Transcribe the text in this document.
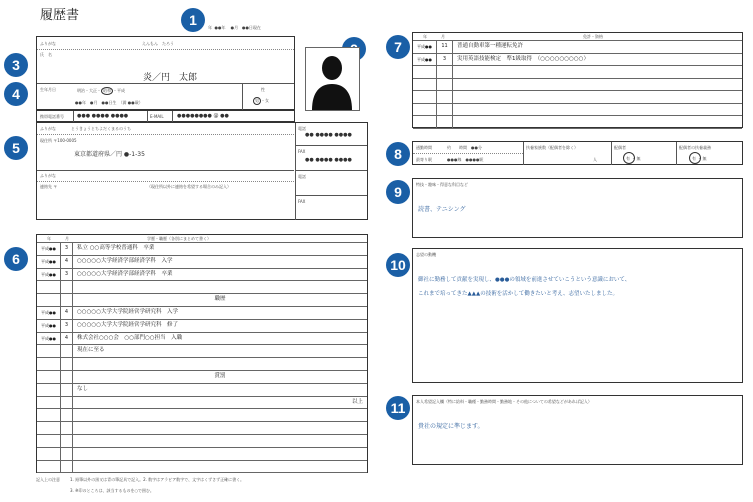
履歴書	1	年 ●●年 ●月 ●●日現在
ふりがな	えんもん　たろう
氏　名
炎／円　太郎
生年月日	明治・大正・ 昭和 ・平成
●●年　●月　●●日生　（満 ●●歳）
性
男 ・女
携帯電話番号	●●● ●●●● ●●●●	E-MAIL	●●●●●●●● @ ●●
3
4
5
ふりがな	とうきょうとちよだくまるのうち
現住所 〒100-0005
東京都道府県／円 ●-1-35
ふりがな
連絡先 〒	（現住所以外に連絡を希望する場合のみ記入）
電話
●● ●●●● ●●●●
FAX
●● ●●●● ●●●●
電話
FAX
6
年	月	学歴・職歴（各別にまとめて書く）
平成●●	3	私立 ○○高等学校普通科　卒業
平成●●	4	○○○○○大学経済学部経済学科　入学
平成●●	3	○○○○○大学経済学部経済学科　卒業
職歴
平成●●	4	○○○○○大学大学院経営学研究科　入学
平成●●	3	○○○○○大学大学院経営学研究科　修了
平成●●	4	株式会社○○○会　○○部門○○担当　入職
現在に至る
賞罰
なし
以上
記入上の注意	1. 鉛筆以外の黒又は青の筆記具で記入。2. 数字はアラビア数字で、文字はくずさず正確に書く。
3. ※印のところは、該当するものを○で囲む。
7
年	月	免許・資格
平成●●	11	普通自動車第一種運転免許
平成●●	3	実用英語技能検定　準1級取得　（○○○○○○○○○）
8	通勤時間	約　　時間　●●分
最寄り駅	●●●線　●●●●駅
扶養家族数（配偶者を除く）
人
配偶者
有 ・ 無
配偶者の扶養義務
有 ・ 無
9	特技・趣味・得意な科目など
読書、テニシング
10
志望の動機
御社に勤務して貢献を実現し、●●●の領域を前進させていこうという意識において、
これまで培ってきた▲▲▲の技術を活かして働きたいと考え、志望いたしました。
11	本人希望記入欄（特に給料・職種・勤務時間・勤務地・その他についての希望などがあれば記入）
貴社の規定に準じます。
